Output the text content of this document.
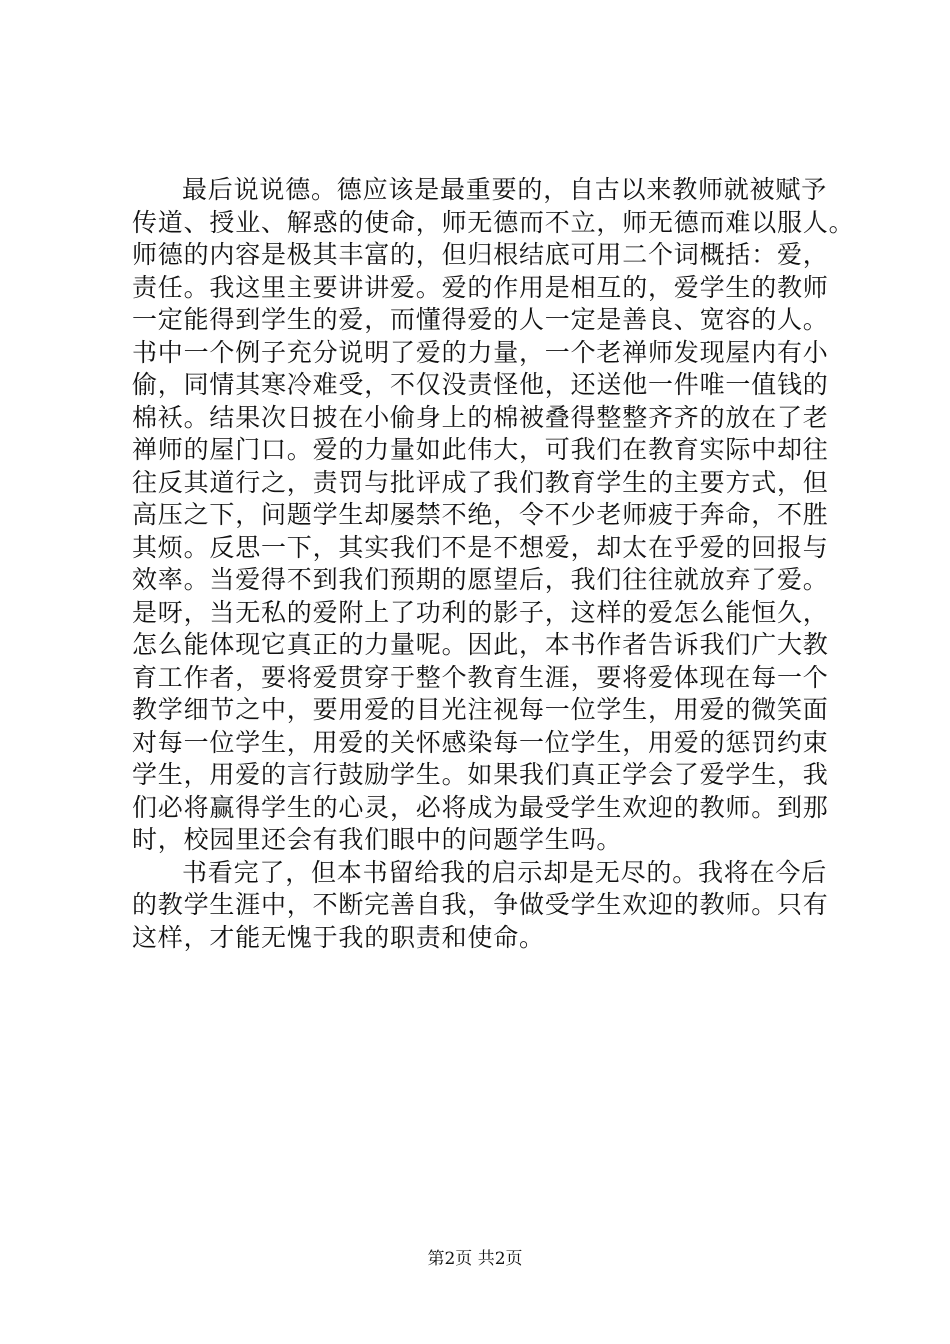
最后说说德。德应该是最重要的，自古以来教师就被赋予
传道、授业、解惑的使命，师无德而不立，师无德而难以服人。
师德的内容是极其丰富的，但归根结底可用二个词概括：爱，
责任。我这里主要讲讲爱。爱的作用是相互的，爱学生的教师
一定能得到学生的爱，而懂得爱的人一定是善良、宽容的人。
书中一个例子充分说明了爱的力量，一个老禅师发现屋内有小
偷，同情其寒冷难受，不仅没责怪他，还送他一件唯一值钱的
棉袄。结果次日披在小偷身上的棉被叠得整整齐齐的放在了老
禅师的屋门口。爱的力量如此伟大，可我们在教育实际中却往
往反其道行之，责罚与批评成了我们教育学生的主要方式，但
高压之下，问题学生却屡禁不绝，令不少老师疲于奔命，不胜
其烦。反思一下，其实我们不是不想爱，却太在乎爱的回报与
效率。当爱得不到我们预期的愿望后，我们往往就放弃了爱。
是呀，当无私的爱附上了功利的影子，这样的爱怎么能恒久，
怎么能体现它真正的力量呢。因此，本书作者告诉我们广大教
育工作者，要将爱贯穿于整个教育生涯，要将爱体现在每一个
教学细节之中，要用爱的目光注视每一位学生，用爱的微笑面
对每一位学生，用爱的关怀感染每一位学生，用爱的惩罚约束
学生，用爱的言行鼓励学生。如果我们真正学会了爱学生，我
们必将赢得学生的心灵，必将成为最受学生欢迎的教师。到那
时，校园里还会有我们眼中的问题学生吗。
书看完了，但本书留给我的启示却是无尽的。我将在今后
的教学生涯中，不断完善自我，争做受学生欢迎的教师。只有
这样，才能无愧于我的职责和使命。
第2页 共2页
